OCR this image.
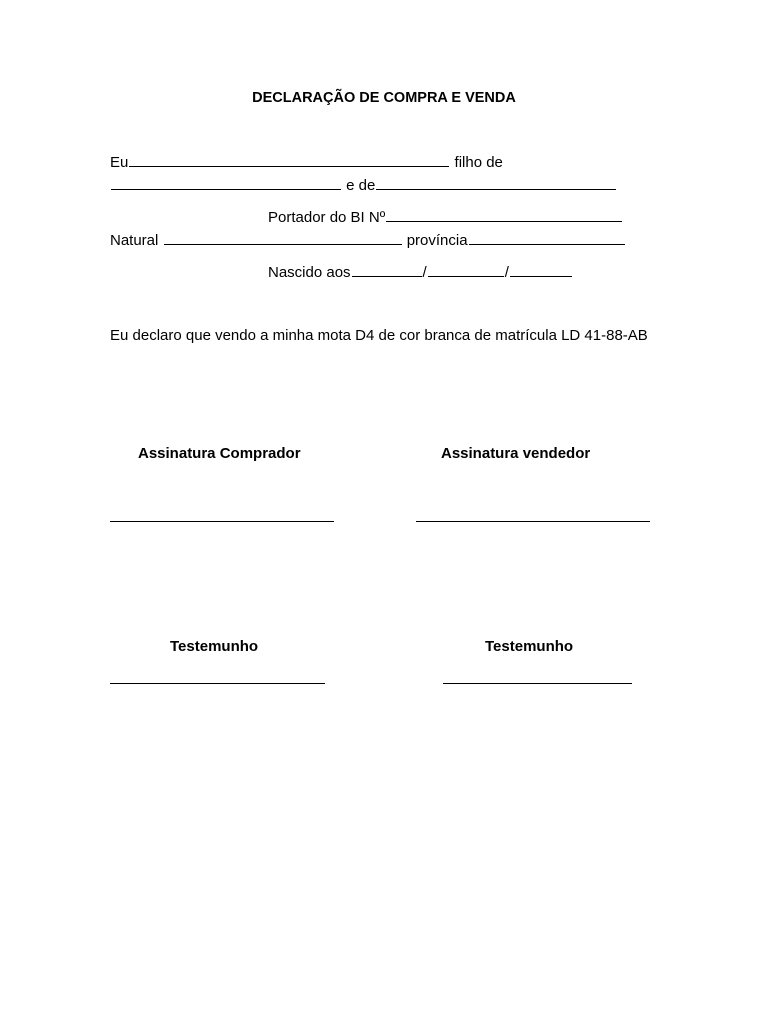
DECLARAÇÃO DE COMPRA E VENDA
Eu	filho de
e de
Portador do BI Nº
Natural	província
Nascido aos	/	/
Eu declaro que vendo a minha mota D4 de cor branca de matrícula LD 41-88-AB
Assinatura Comprador	Assinatura vendedor
Testemunho	Testemunho
